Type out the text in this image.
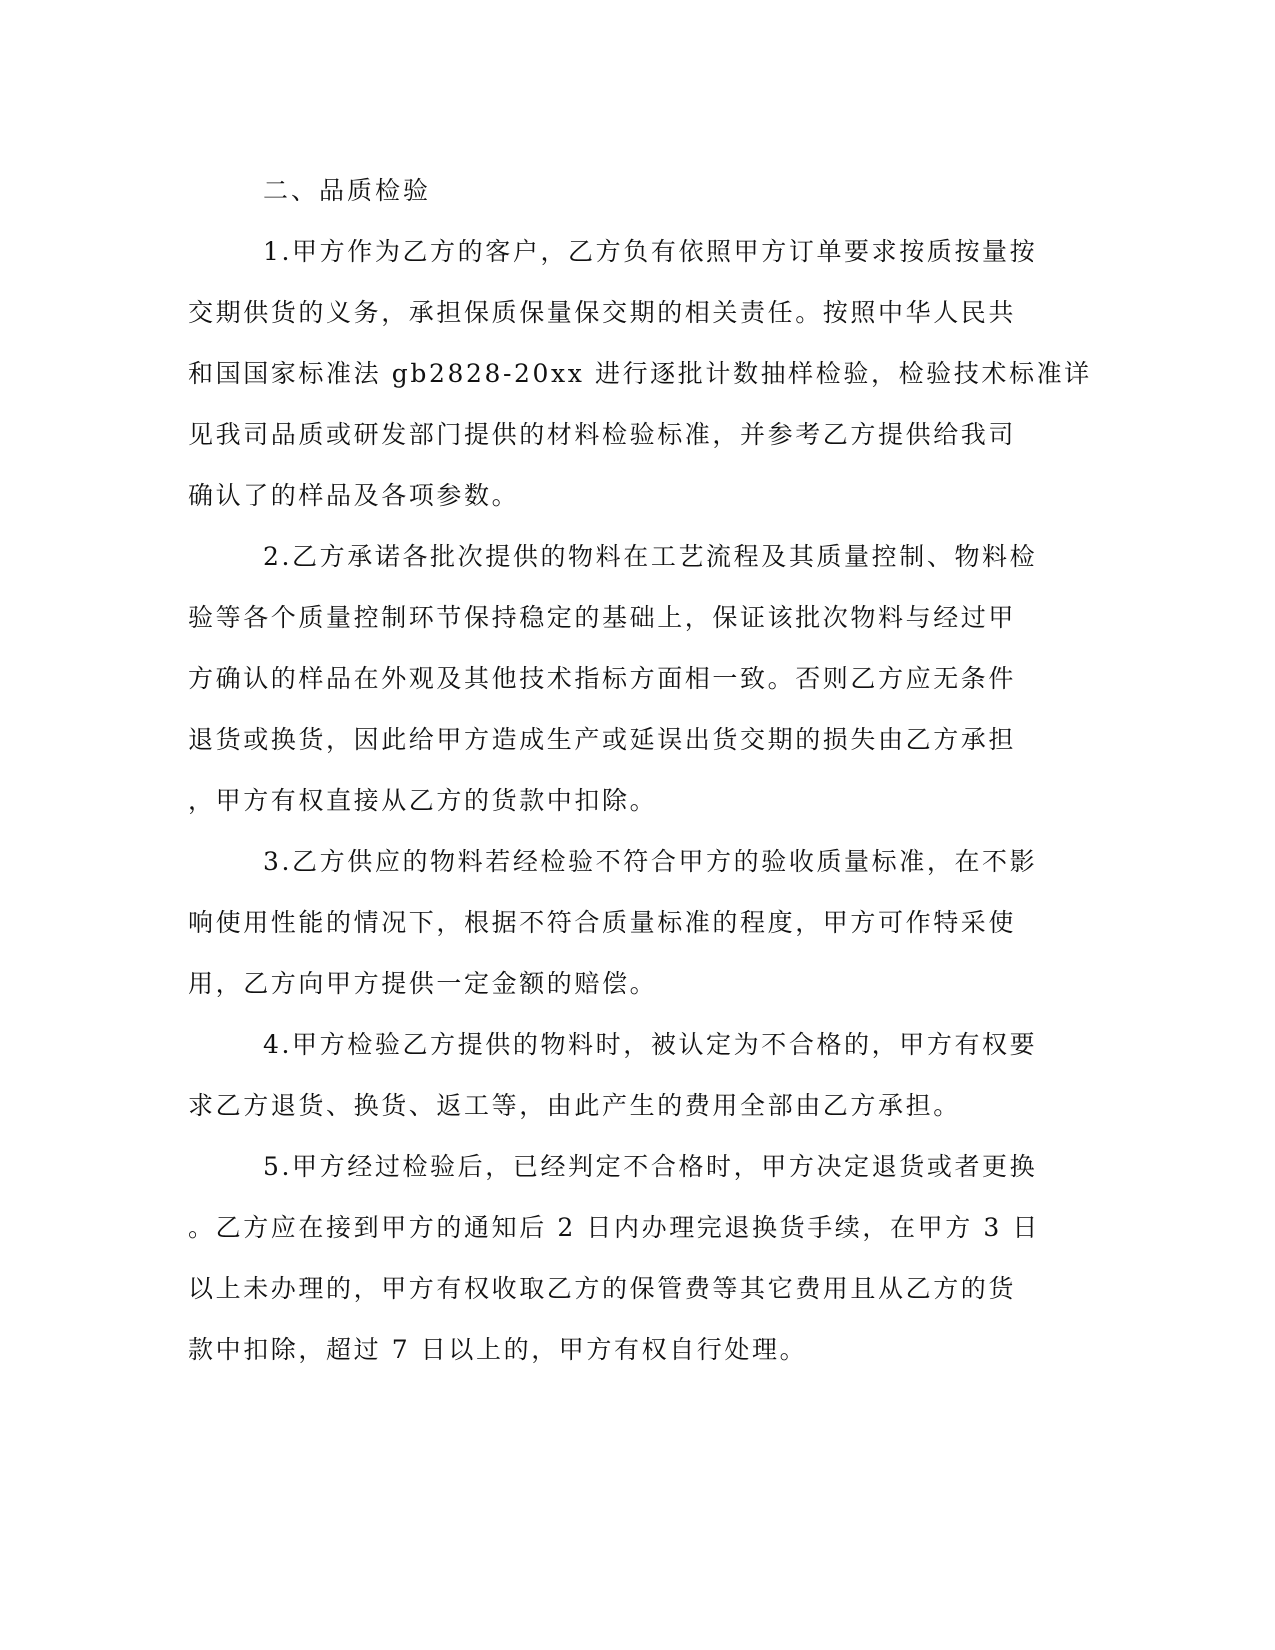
二、品质检验
1.甲方作为乙方的客户，乙方负有依照甲方订单要求按质按量按
交期供货的义务，承担保质保量保交期的相关责任。按照中华人民共
和国国家标准法 gb2828-20xx 进行逐批计数抽样检验，检验技术标准详
见我司品质或研发部门提供的材料检验标准，并参考乙方提供给我司
确认了的样品及各项参数。
2.乙方承诺各批次提供的物料在工艺流程及其质量控制、物料检
验等各个质量控制环节保持稳定的基础上，保证该批次物料与经过甲
方确认的样品在外观及其他技术指标方面相一致。否则乙方应无条件
退货或换货，因此给甲方造成生产或延误出货交期的损失由乙方承担
，甲方有权直接从乙方的货款中扣除。
3.乙方供应的物料若经检验不符合甲方的验收质量标准，在不影
响使用性能的情况下，根据不符合质量标准的程度，甲方可作特采使
用，乙方向甲方提供一定金额的赔偿。
4.甲方检验乙方提供的物料时，被认定为不合格的，甲方有权要
求乙方退货、换货、返工等，由此产生的费用全部由乙方承担。
5.甲方经过检验后，已经判定不合格时，甲方决定退货或者更换
。乙方应在接到甲方的通知后 2 日内办理完退换货手续，在甲方 3 日
以上未办理的，甲方有权收取乙方的保管费等其它费用且从乙方的货
款中扣除，超过 7 日以上的，甲方有权自行处理。
